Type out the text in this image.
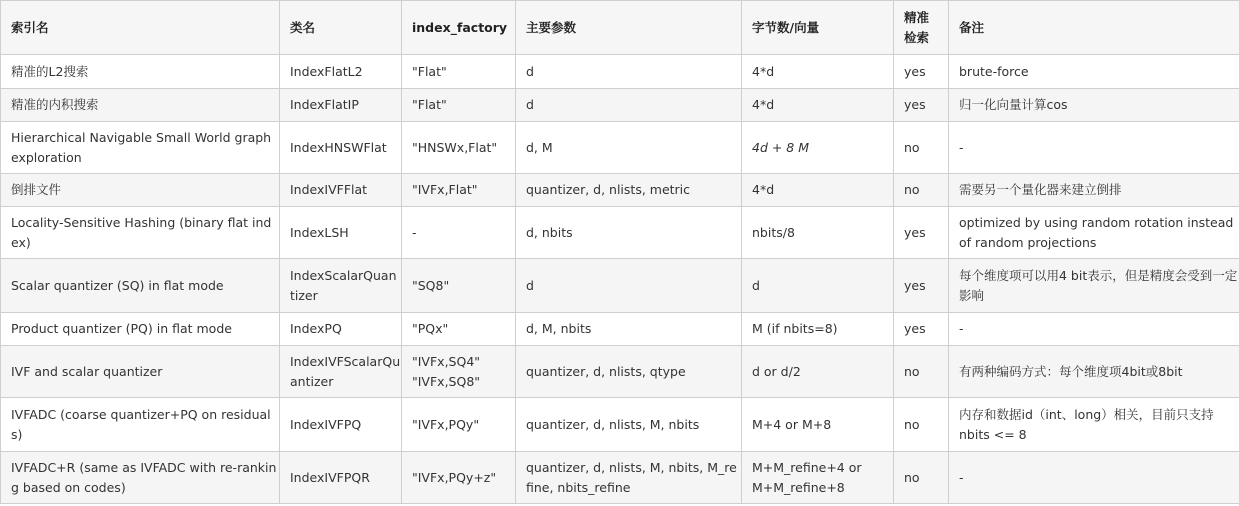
索引名	类名	index_factory	主要参数	字节数/向量	精准检索	备注
精准的L2搜索	IndexFlatL2	"Flat"	d	4*d	yes	brute-force
精准的内积搜索	IndexFlatIP	"Flat"	d	4*d	yes	归一化向量计算cos
Hierarchical Navigable Small World graph exploration	IndexHNSWFlat	"HNSWx,Flat"	d, M	4d + 8 M	no	-
倒排文件	IndexIVFFlat	"IVFx,Flat"	quantizer, d, nlists, metric	4*d	no	需要另一个量化器来建立倒排
Locality-Sensitive Hashing (binary flat index)	IndexLSH	-	d, nbits	nbits/8	yes	optimized by using random rotation instead of random projections
Scalar quantizer (SQ) in flat mode	IndexScalarQuantizer	"SQ8"	d	d	yes	每个维度项可以用4 bit表示，但是精度会受到一定影响
Product quantizer (PQ) in flat mode	IndexPQ	"PQx"	d, M, nbits	M (if nbits=8)	yes	-
IVF and scalar quantizer	IndexIVFScalarQuantizer	"IVFx,SQ4" "IVFx,SQ8"	quantizer, d, nlists, qtype	d or d/2	no	有两种编码方式：每个维度项4bit或8bit
IVFADC (coarse quantizer+PQ on residuals)	IndexIVFPQ	"IVFx,PQy"	quantizer, d, nlists, M, nbits	M+4 or M+8	no	内存和数据id（int、long）相关，目前只支持 nbits <= 8
IVFADC+R (same as IVFADC with re-ranking based on codes)	IndexIVFPQR	"IVFx,PQy+z"	quantizer, d, nlists, M, nbits, M_refine, nbits_refine	M+M_refine+4 or M+M_refine+8	no	-
